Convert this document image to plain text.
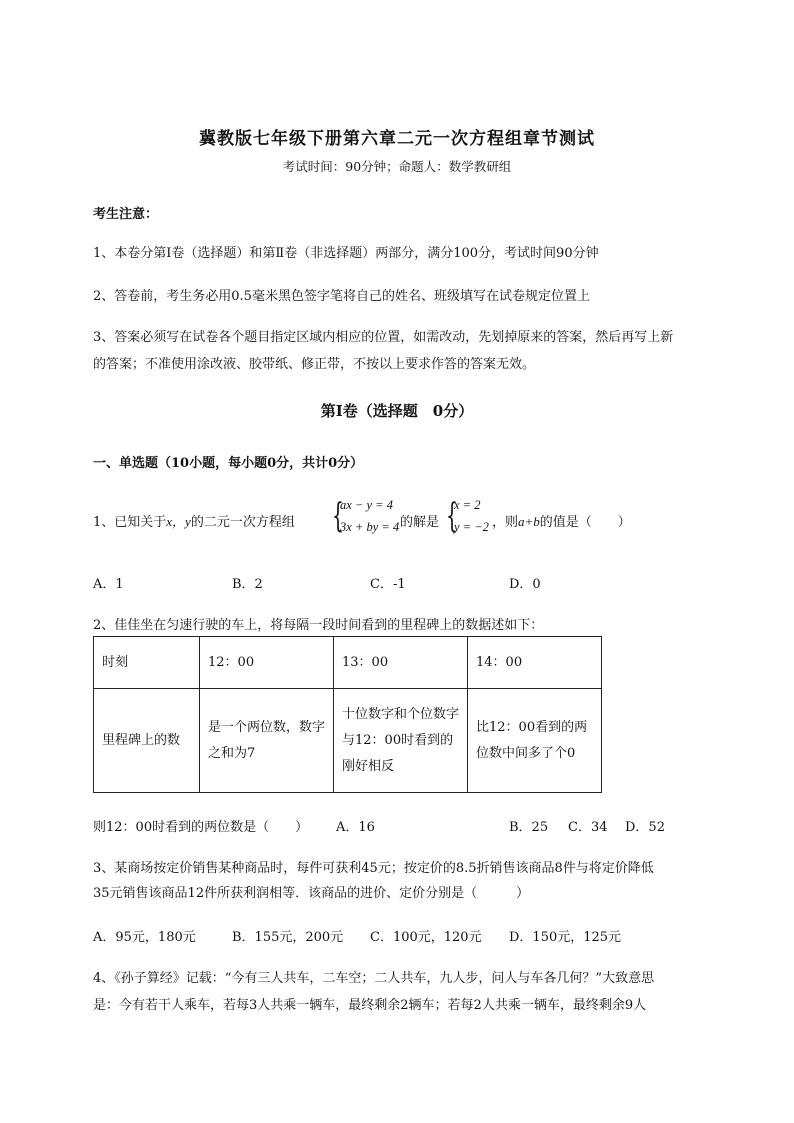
冀教版七年级下册第六章二元一次方程组章节测试
考试时间：90分钟；命题人：数学教研组
考生注意：
1、本卷分第Ⅰ卷（选择题）和第Ⅱ卷（非选择题）两部分，满分100分，考试时间90分钟
2、答卷前，考生务必用0.5毫米黑色签字笔将自己的姓名、班级填写在试卷规定位置上
3、答案必须写在试卷各个题目指定区域内相应的位置，如需改动，先划掉原来的答案，然后再写上新
的答案；不准使用涂改液、胶带纸、修正带，不按以上要求作答的答案无效。
第Ⅰ卷（选择题　0分）
一、单选题（10小题，每小题0分，共计0分）
1、已知关于x，y的二元一次方程组 {
ax − y = 4
3x + by = 4 的解是 {
x = 2
y = −2 ，则a+b的值是（　　）
A．1	B．2	C．-1	D．0
2、佳佳坐在匀速行驶的车上，将每隔一段时间看到的里程碑上的数据述如下：
时刻	12：00	13：00	14：00
里程碑上的数	是一个两位数，数字之和为7	十位数字和个位数字与12：00时看到的刚好相反	比12：00看到的两位数中间多了个0
则12：00时看到的两位数是（　　） A．16	B．25 C．34 D．52
3、某商场按定价销售某种商品时，每件可获利45元；按定价的8.5折销售该商品8件与将定价降低
35元销售该商品12件所获利润相等．该商品的进价、定价分别是（　　　）
A．95元，180元	B．155元，200元 C．100元，120元 D．150元，125元
4、《孙子算经》记载：“今有三人共车，二车空；二人共车，九人步，问人与车各几何？”大致意思
是：今有若干人乘车，若每3人共乘一辆车，最终剩余2辆车；若每2人共乘一辆车，最终剩余9人
